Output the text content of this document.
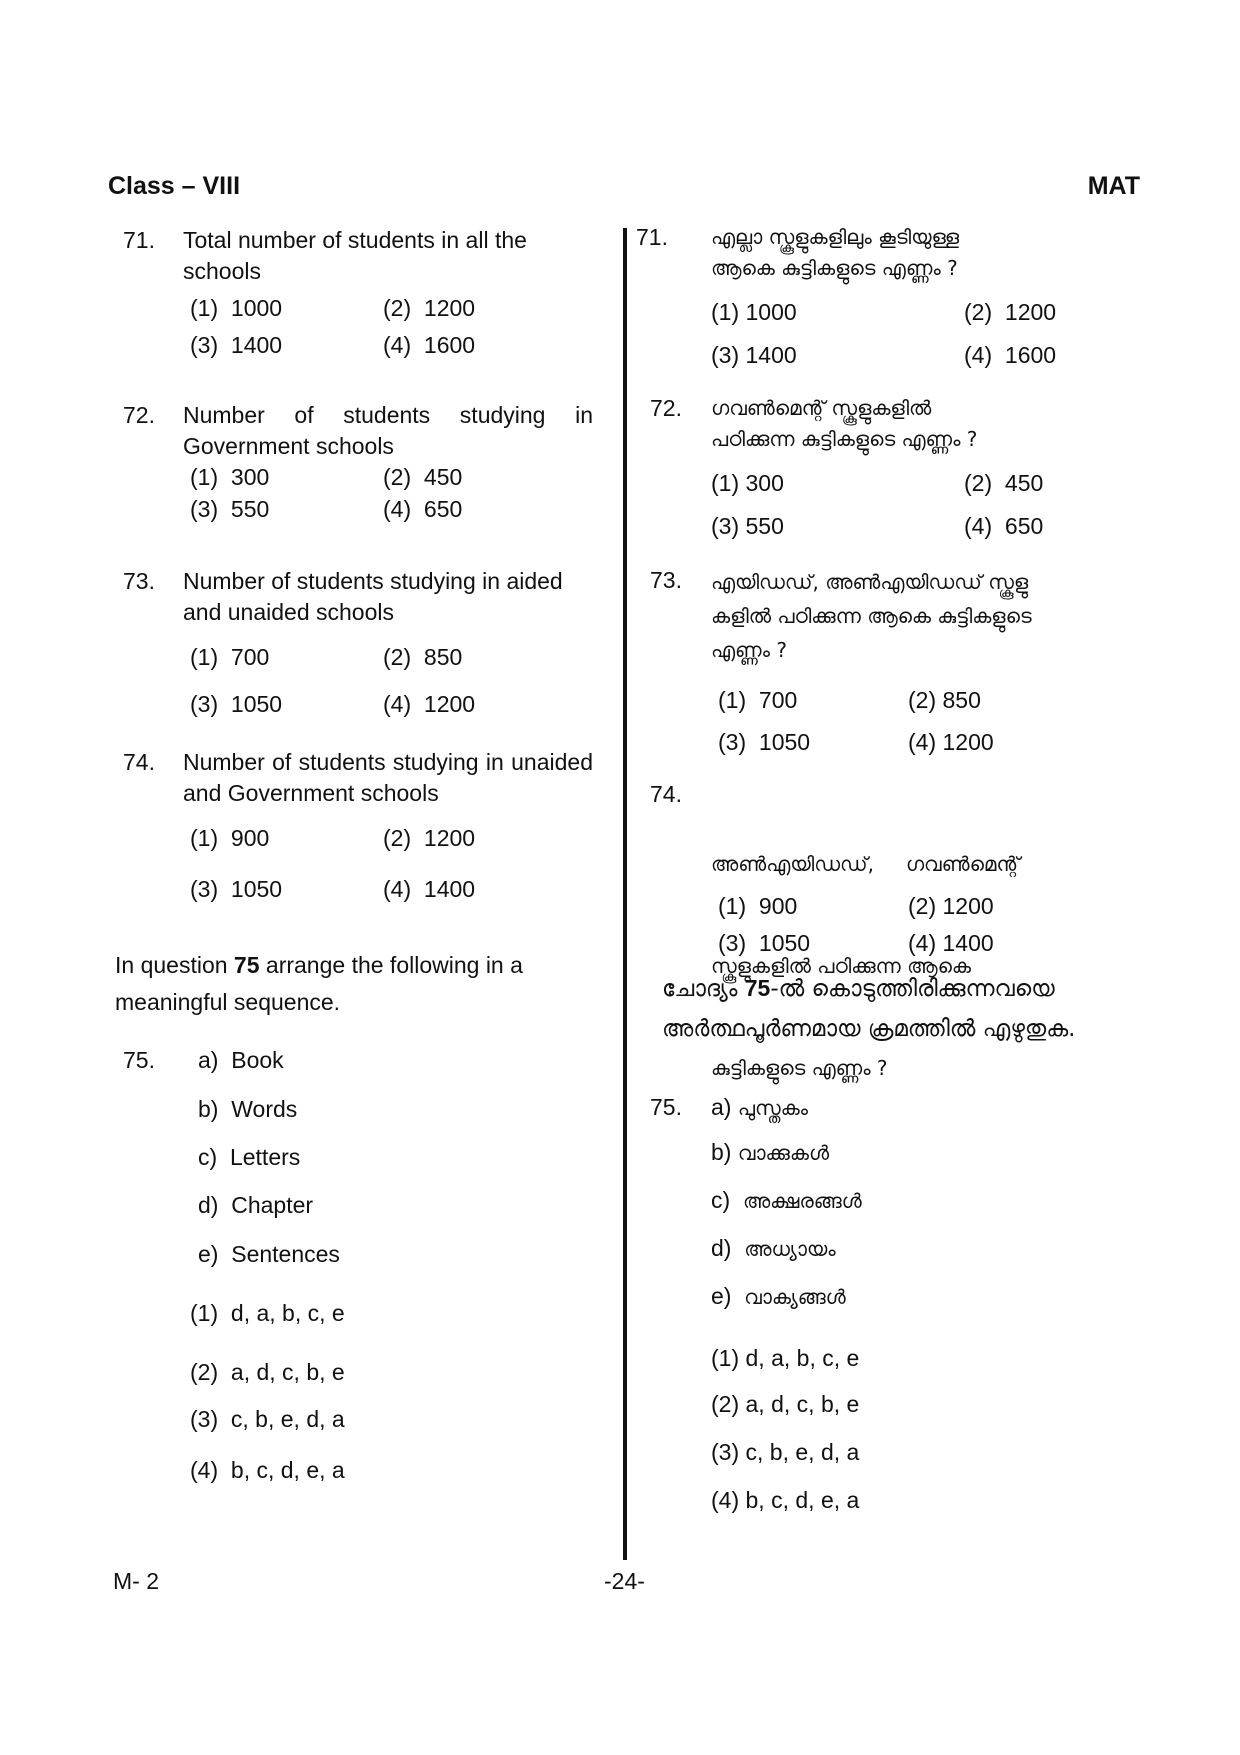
Class – VIII	MAT
M- 2	-24-
71. Total number of students in all the schools
(1) 1000	(2) 1200
(3) 1400	(4) 1600
72. Number of students studying in Government schools
(1) 300	(2) 450
(3) 550	(4) 650
73. Number of students studying in aided and unaided schools
(1) 700	(2) 850
(3) 1050	(4) 1200
74. Number of students studying in unaided and Government schools
(1) 900	(2) 1200
(3) 1050	(4) 1400
In question 75 arrange the following in a meaningful sequence.
75. a) Book
b) Words
c) Letters
d) Chapter
e) Sentences
(1) d, a, b, c, e
(2) a, d, c, b, e
(3) c, b, e, d, a
(4) b, c, d, e, a
71. എല്ലാ സ്കൂളുകളിലും കൂടിയുള്ള
ആകെ കുട്ടികളുടെ എണ്ണം ?
(1) 1000	(2) 1200
(3) 1400	(4) 1600
72. ഗവൺമെന്റ് സ്കൂളുകളിൽ
പഠിക്കുന്ന കുട്ടികളുടെ എണ്ണം ?
(1) 300	(2) 450
(3) 550	(4) 650
73. എയിഡഡ്, അൺഎയിഡഡ് സ്കൂളു
കളിൽ പഠിക്കുന്ന ആകെ കുട്ടികളുടെ
എണ്ണം ?
(1) 700	(2) 850
(3) 1050	(4) 1200
74.

അൺഎയിഡഡ്,     ഗവൺമെന്റ്

സ്കൂളുകളിൽ പഠിക്കുന്ന ആകെ

കുട്ടികളുടെ എണ്ണം ?

(1) 900	(2) 1200
(3) 1050	(4) 1400
ചോദ്യം 75-ൽ കൊടുത്തിരിക്കുന്നവയെ
അർത്ഥപൂർണമായ ക്രമത്തിൽ എഴുതുക.
75. a) പുസ്തകം
b) വാക്കുകൾ
c) അക്ഷരങ്ങൾ
d) അധ്യായം
e) വാക്യങ്ങൾ
(1) d, a, b, c, e
(2) a, d, c, b, e
(3) c, b, e, d, a
(4) b, c, d, e, a
